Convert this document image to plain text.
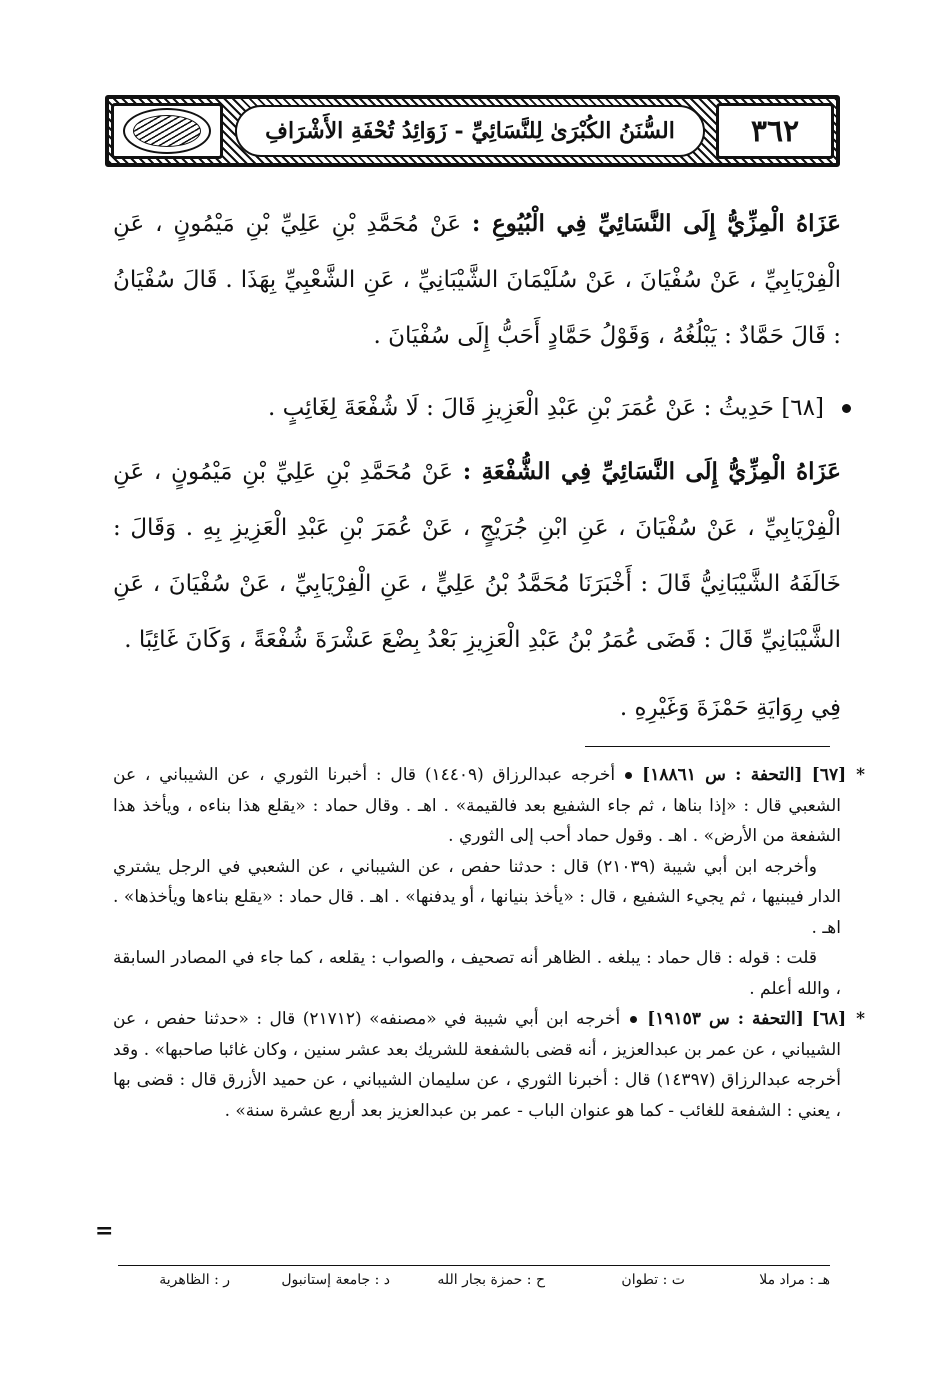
٣٦٢
السُّنَنُ الكُبْرَىٰ لِلنَّسَائِيِّ - زَوَائِدُ تُحْفَةِ الأَشْرَافِ

عَزَاهُ الْمِزِّيُّ إِلَى النَّسَائِيِّ فِي الْبُيُوعِ : عَنْ مُحَمَّدِ بْنِ عَلِيِّ بْنِ مَيْمُونٍ ، عَنِ الْفِرْيَابِيِّ ، عَنْ سُفْيَانَ ، عَنْ سُلَيْمَانَ الشَّيْبَانِيِّ ، عَنِ الشَّعْبِيِّ بِهَذَا . قَالَ سُفْيَانُ : قَالَ حَمَّادٌ : يَبْلُغُهُ ، وَقَوْلُ حَمَّادٍ أَحَبُّ إِلَى سُفْيَانَ .

[٦٨]

حَدِيثُ : عَنْ عُمَرَ بْنِ عَبْدِ الْعَزِيزِ قَالَ : لَا شُفْعَةَ لِغَائِبٍ .

عَزَاهُ الْمِزِّيُّ إِلَى النَّسَائِيِّ فِي الشُّفْعَةِ : عَنْ مُحَمَّدِ بْنِ عَلِيِّ بْنِ مَيْمُونٍ ، عَنِ الْفِرْيَابِيِّ ، عَنْ سُفْيَانَ ، عَنِ ابْنِ جُرَيْجٍ ، عَنْ عُمَرَ بْنِ عَبْدِ الْعَزِيزِ بِهِ . وَقَالَ : خَالَفَهُ الشَّيْبَانِيُّ قَالَ : أَخْبَرَنَا مُحَمَّدُ بْنُ عَلِيٍّ ، عَنِ الْفِرْيَابِيِّ ، عَنْ سُفْيَانَ ، عَنِ الشَّيْبَانِيِّ قَالَ : قَضَى عُمَرُ بْنُ عَبْدِ الْعَزِيزِ بَعْدُ بِضْعَ عَشْرَةَ شُفْعَةً ، وَكَانَ غَائِبًا .

فِي رِوَايَةِ حَمْزَةَ وَغَيْرِهِ .

*[٦٧] [التحفة : س ١٨٨٦١]أخرجه عبدالرزاق (١٤٤٠٩) قال : أخبرنا الثوري ، عن الشيباني ، عن الشعبي قال : «إذا بناها ، ثم جاء الشفيع بعد فالقيمة» . اهـ . وقال حماد : «يقلع هذا بناءه ، ويأخذ هذا الشفعة من الأرض» . اهـ . وقول حماد أحب إلى الثوري .

وأخرجه ابن أبي شيبة (٢١٠٣٩) قال : حدثنا حفص ، عن الشيباني ، عن الشعبي في الرجل يشتري الدار فيبنيها ، ثم يجيء الشفيع ، قال : «يأخذ بنيانها ، أو يدفنها» . اهـ . قال حماد : «يقلع بناءها ويأخذها» . اهـ .

قلت : قوله : قال حماد : يبلغه . الظاهر أنه تصحيف ، والصواب : يقلعه ، كما جاء في المصادر السابقة ، والله أعلم .

*[٦٨] [التحفة : س ١٩١٥٣]أخرجه ابن أبي شيبة في «مصنفه» (٢١٧١٢) قال : «حدثنا حفص ، عن الشيباني ، عن عمر بن عبدالعزيز ، أنه قضى بالشفعة للشريك بعد عشر سنين ، وكان غائبا صاحبها» . وقد أخرجه عبدالرزاق (١٤٣٩٧) قال : أخبرنا الثوري ، عن سليمان الشيباني ، عن حميد الأزرق قال : قضى بها ، يعني : الشفعة للغائب - كما هو عنوان الباب - عمر بن عبدالعزيز بعد أربع عشرة سنة» .

=
هـ : مراد ملا
ت : تطوان
ح : حمزة بجار الله
د : جامعة إستانبول
ر : الظاهرية
